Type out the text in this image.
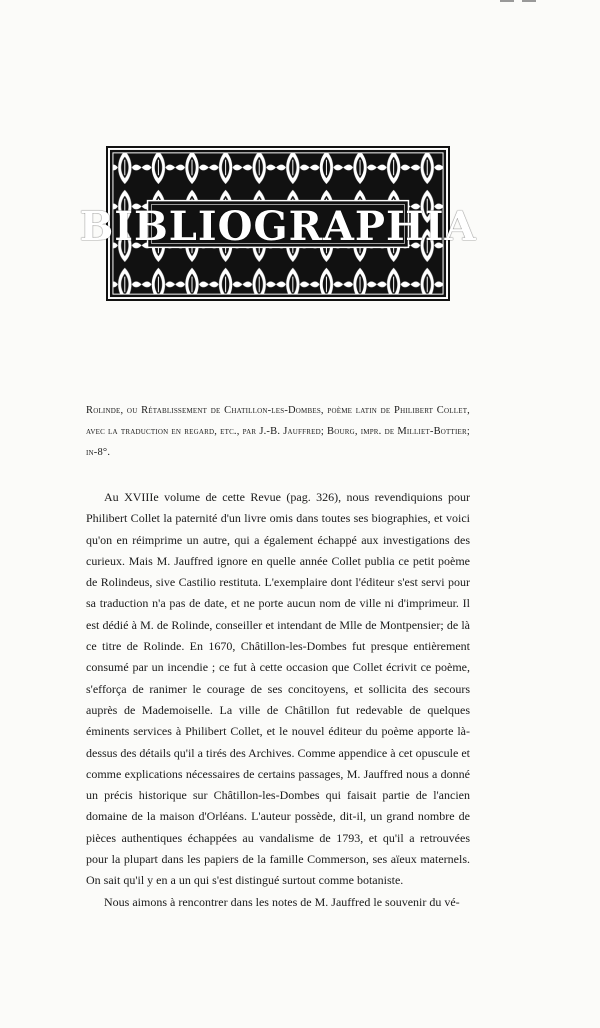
BIBLIOGRAPHIA
Rolinde, ou Rétablissement de Chatillon-les-Dombes, poème latin de Philibert Collet, avec la traduction en regard, etc., par J.-B. Jauffred; Bourg, impr. de Milliet-Bottier; in-8°.

Au XVIIIe volume de cette Revue (pag. 326), nous revendiquions pour Philibert Collet la paternité d'un livre omis dans toutes ses biographies, et voici qu'on en réimprime un autre, qui a également échappé aux investigations des curieux. Mais M. Jauffred ignore en quelle année Collet publia ce petit poème de Rolindeus, sive Castilio restituta. L'exemplaire dont l'éditeur s'est servi pour sa traduction n'a pas de date, et ne porte aucun nom de ville ni d'imprimeur. Il est dédié à M. de Rolinde, conseiller et intendant de Mlle de Montpensier; de là ce titre de Rolinde. En 1670, Châtillon-les-Dombes fut presque entièrement consumé par un incendie ; ce fut à cette occasion que Collet écrivit ce poème, s'efforça de ranimer le courage de ses concitoyens, et sollicita des secours auprès de Mademoiselle. La ville de Châtillon fut redevable de quelques éminents services à Philibert Collet, et le nouvel éditeur du poème apporte là-dessus des détails qu'il a tirés des Archives. Comme appendice à cet opuscule et comme explications nécessaires de certains passages, M. Jauffred nous a donné un précis historique sur Châtillon-les-Dombes qui faisait partie de l'ancien domaine de la maison d'Orléans. L'auteur possède, dit-il, un grand nombre de pièces authentiques échappées au vandalisme de 1793, et qu'il a retrouvées pour la plupart dans les papiers de la famille Commerson, ses aïeux maternels. On sait qu'il y en a un qui s'est distingué surtout comme botaniste.

Nous aimons à rencontrer dans les notes de M. Jauffred le souvenir du vé-
